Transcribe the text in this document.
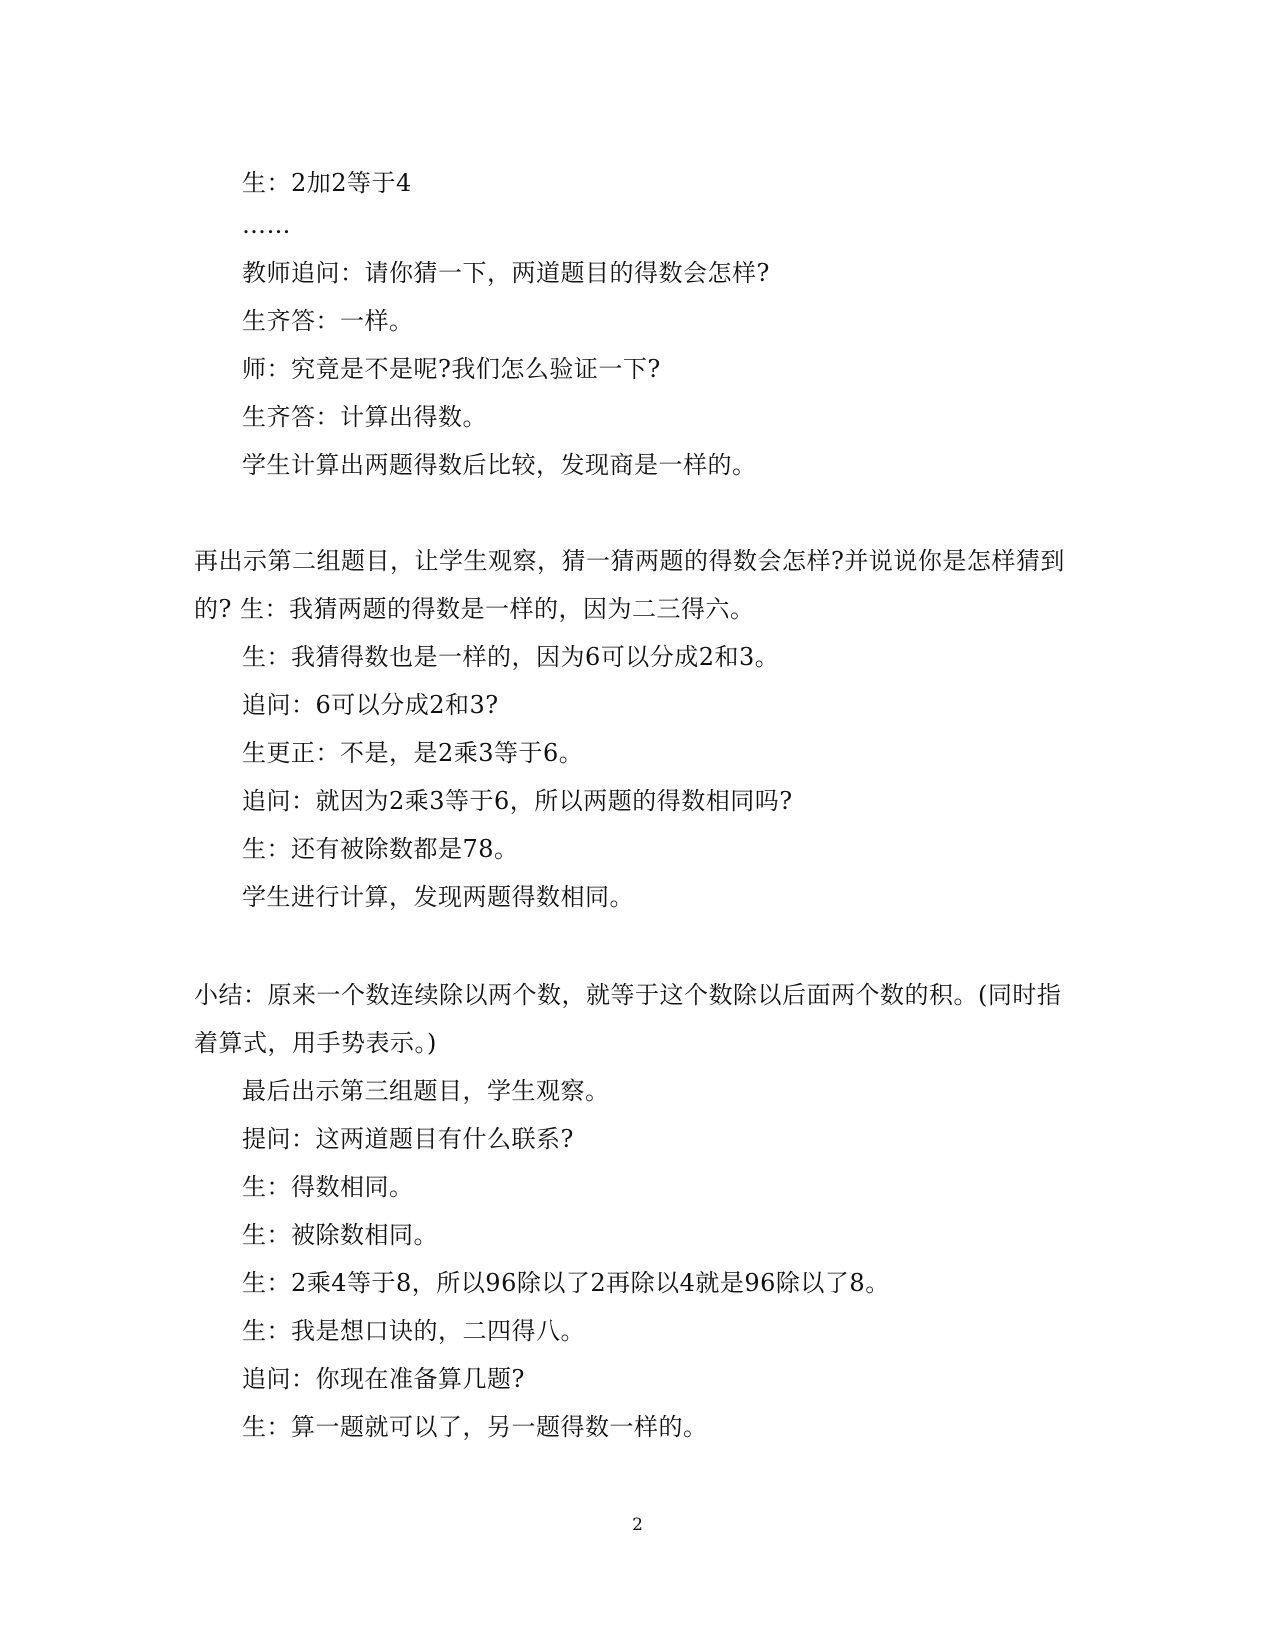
生：2加2等于4
……
教师追问：请你猜一下，两道题目的得数会怎样?
生齐答：一样。
师：究竟是不是呢?我们怎么验证一下?
生齐答：计算出得数。
学生计算出两题得数后比较，发现商是一样的。
再出示第二组题目，让学生观察，猜一猜两题的得数会怎样?并说说你是怎样猜到
的? 生：我猜两题的得数是一样的，因为二三得六。
生：我猜得数也是一样的，因为6可以分成2和3。
追问：6可以分成2和3?
生更正：不是，是2乘3等于6。
追问：就因为2乘3等于6，所以两题的得数相同吗?
生：还有被除数都是78。
学生进行计算，发现两题得数相同。
小结：原来一个数连续除以两个数，就等于这个数除以后面两个数的积。(同时指
着算式，用手势表示。)
最后出示第三组题目，学生观察。
提问：这两道题目有什么联系?
生：得数相同。
生：被除数相同。
生：2乘4等于8，所以96除以了2再除以4就是96除以了8。
生：我是想口诀的，二四得八。
追问：你现在准备算几题?
生：算一题就可以了，另一题得数一样的。
2
